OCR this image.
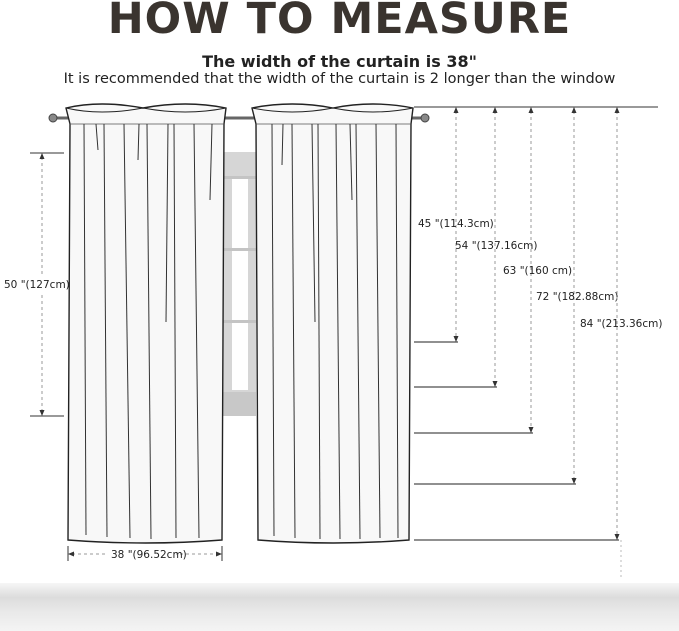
HOW TO MEASURE
The width of the curtain is 38"
It is recommended that the width of the curtain is 2 longer than the window
50 "(127cm)
38 "(96.52cm)
45 "(114.3cm)
54 "(137.16cm)
63 "(160 cm)
72 "(182.88cm)
84 "(213.36cm)
